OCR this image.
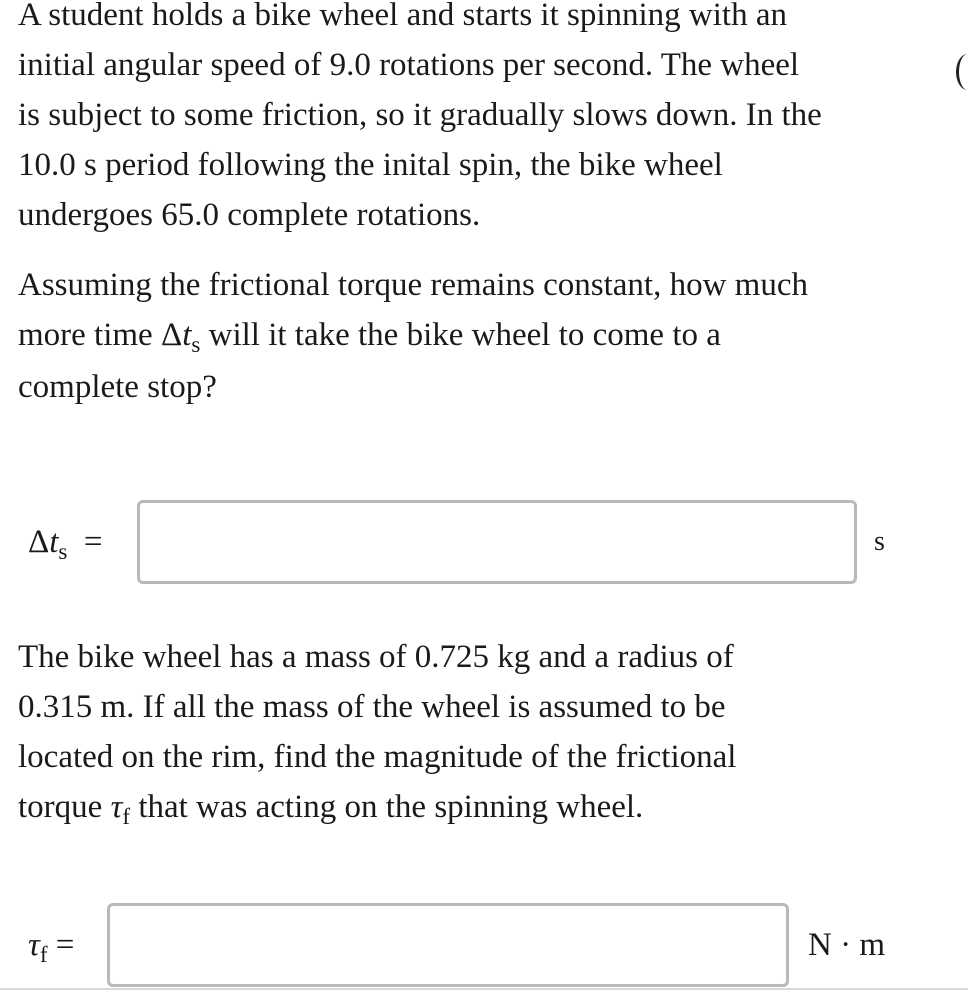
A student holds a bike wheel and starts it spinning with an
initial angular speed of 9.0 rotations per second. The wheel
is subject to some friction, so it gradually slows down. In the
10.0 s period following the inital spin, the bike wheel
undergoes 65.0 complete rotations.
Assuming the frictional torque remains constant, how much
more time $\Delta t_s$ will it take the bike wheel to come to a
complete stop?
$\Delta t_s$ =	s
The bike wheel has a mass of 0.725 kg and a radius of
0.315 m. If all the mass of the wheel is assumed to be
located on the rim, find the magnitude of the frictional
torque $\tau_f$ that was acting on the spinning wheel.
$\tau_f$ =	N · m
